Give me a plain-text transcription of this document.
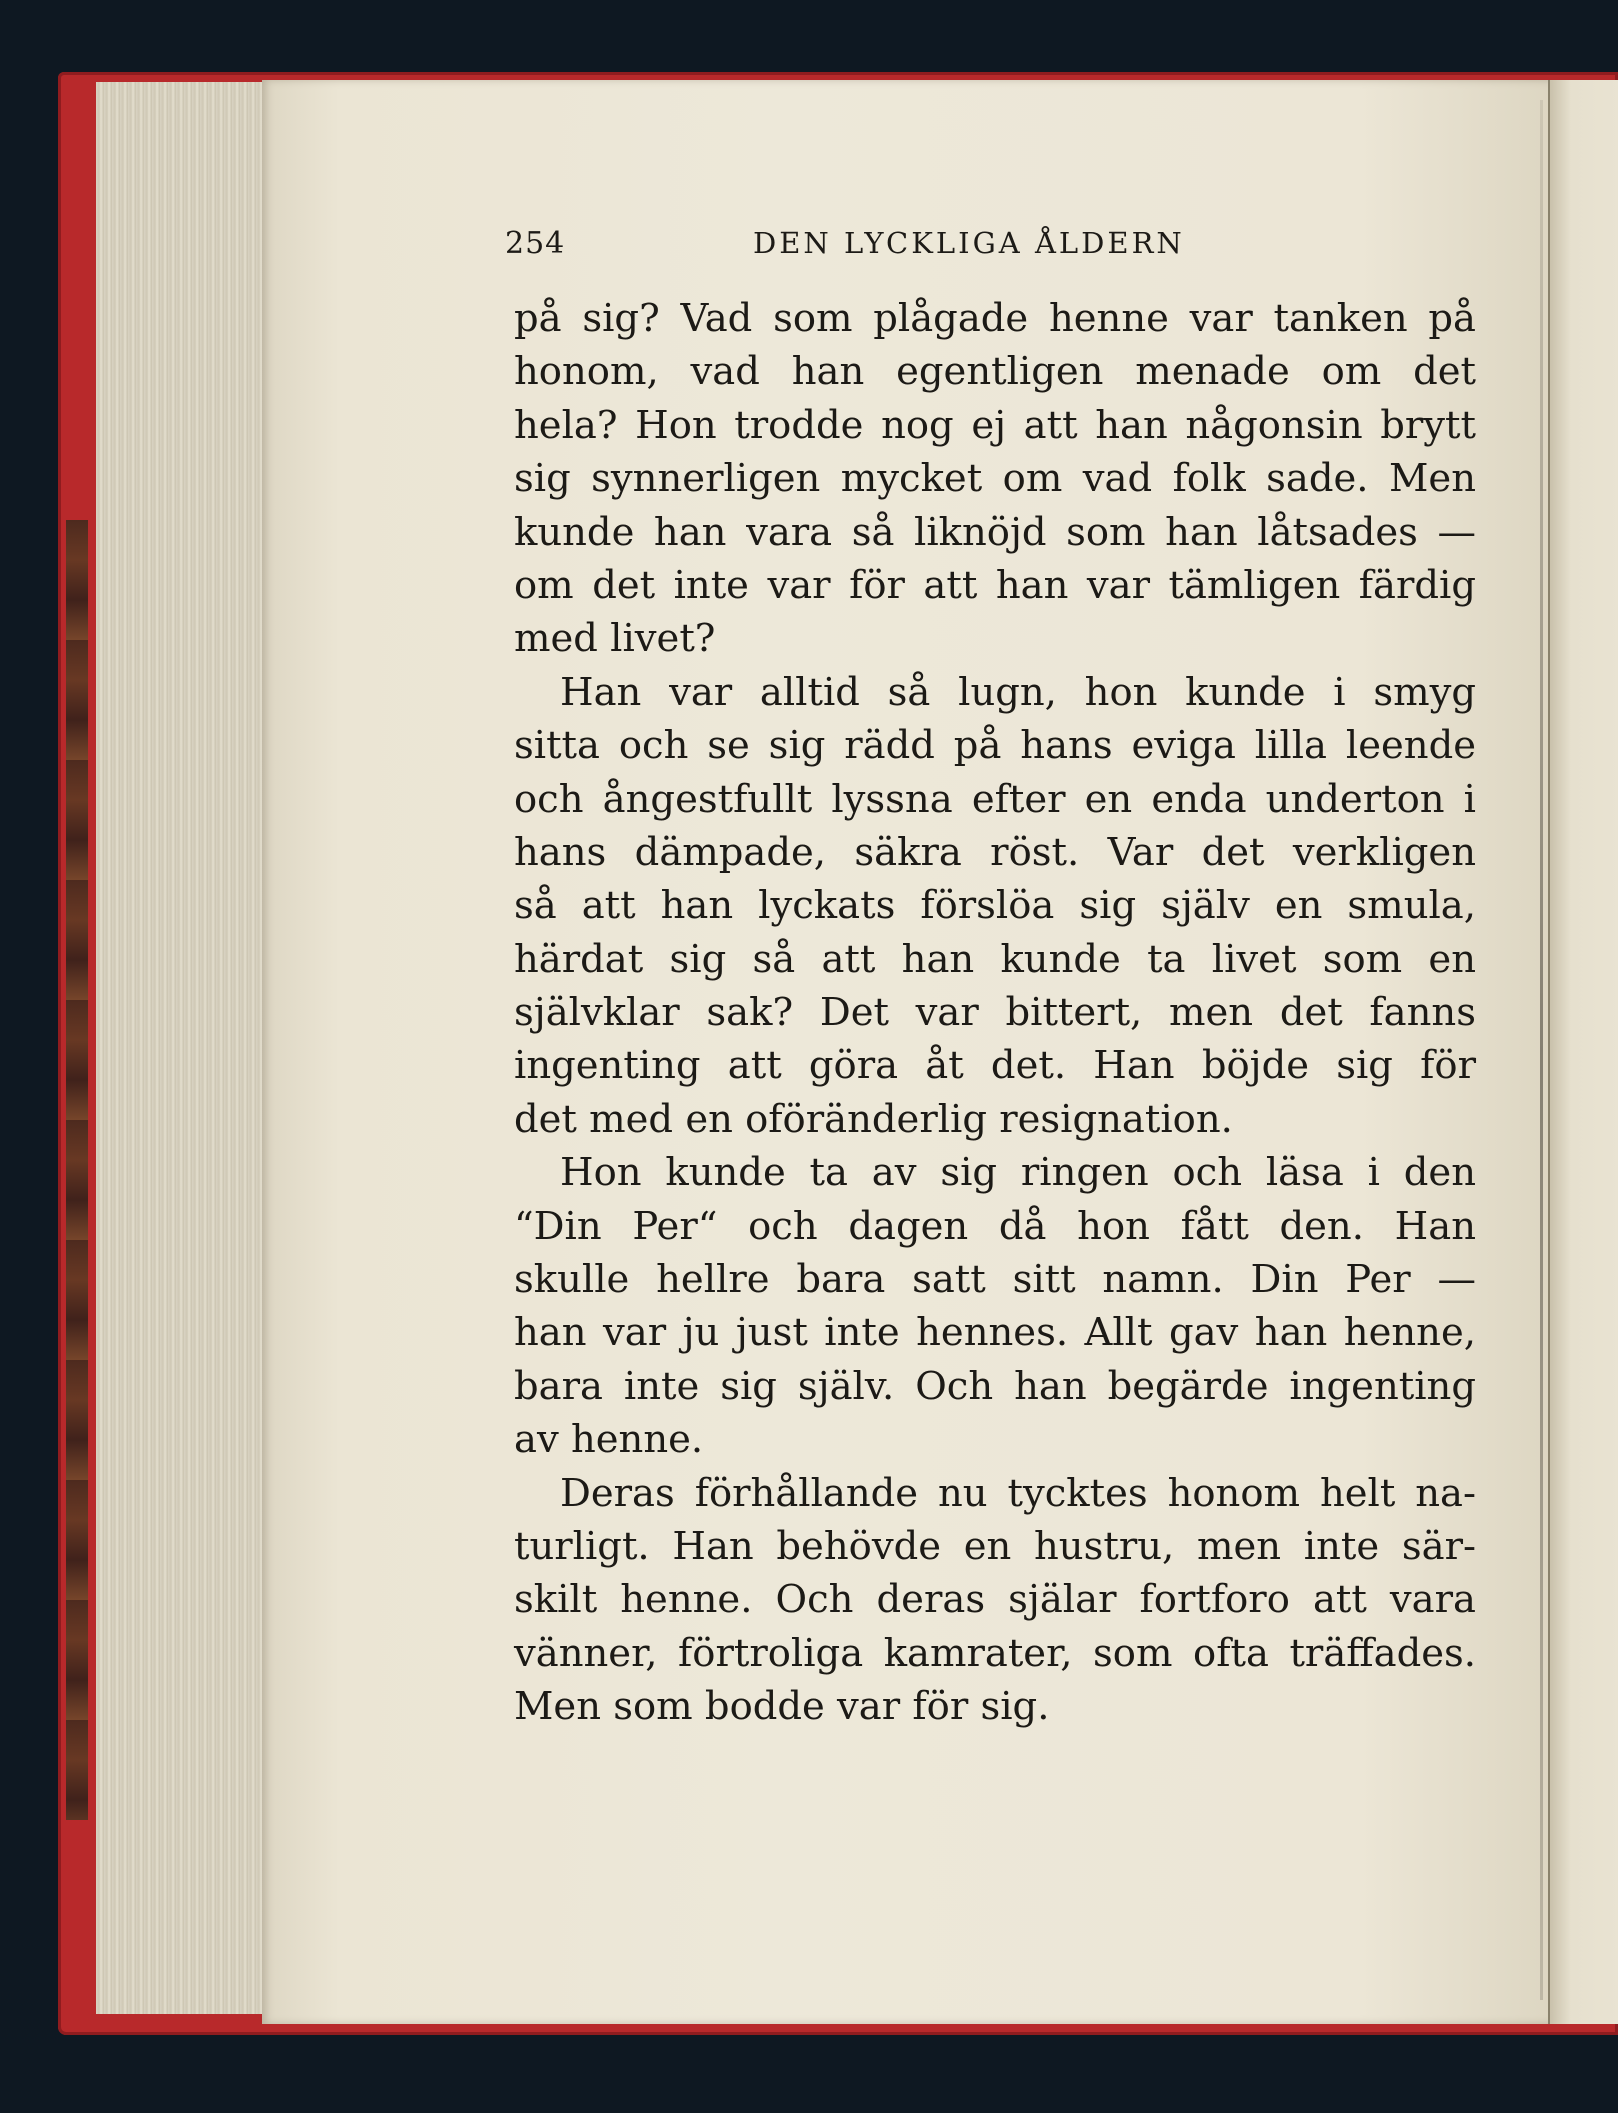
254	DEN LYCKLIGA ÅLDERN
på sig? Vad som plågade henne var tanken på
honom, vad han egentligen menade om det
hela? Hon trodde nog ej att han någonsin brytt
sig synnerligen mycket om vad folk sade. Men
kunde han vara så liknöjd som han låtsades —
om det inte var för att han var tämligen färdig
med livet?
Han var alltid så lugn, hon kunde i smyg
sitta och se sig rädd på hans eviga lilla leende
och ångestfullt lyssna efter en enda underton i
hans dämpade, säkra röst. Var det verkligen
så att han lyckats förslöa sig själv en smula,
härdat sig så att han kunde ta livet som en
självklar sak? Det var bittert, men det fanns
ingenting att göra åt det. Han böjde sig för
det med en oföränderlig resignation.
Hon kunde ta av sig ringen och läsa i den
“Din Per“ och dagen då hon fått den. Han
skulle hellre bara satt sitt namn. Din Per —
han var ju just inte hennes. Allt gav han henne,
bara inte sig själv. Och han begärde ingenting
av henne.
Deras förhållande nu tycktes honom helt na-
turligt. Han behövde en hustru, men inte sär-
skilt henne. Och deras själar fortforo att vara
vänner, förtroliga kamrater, som ofta träffades.
Men som bodde var för sig.
